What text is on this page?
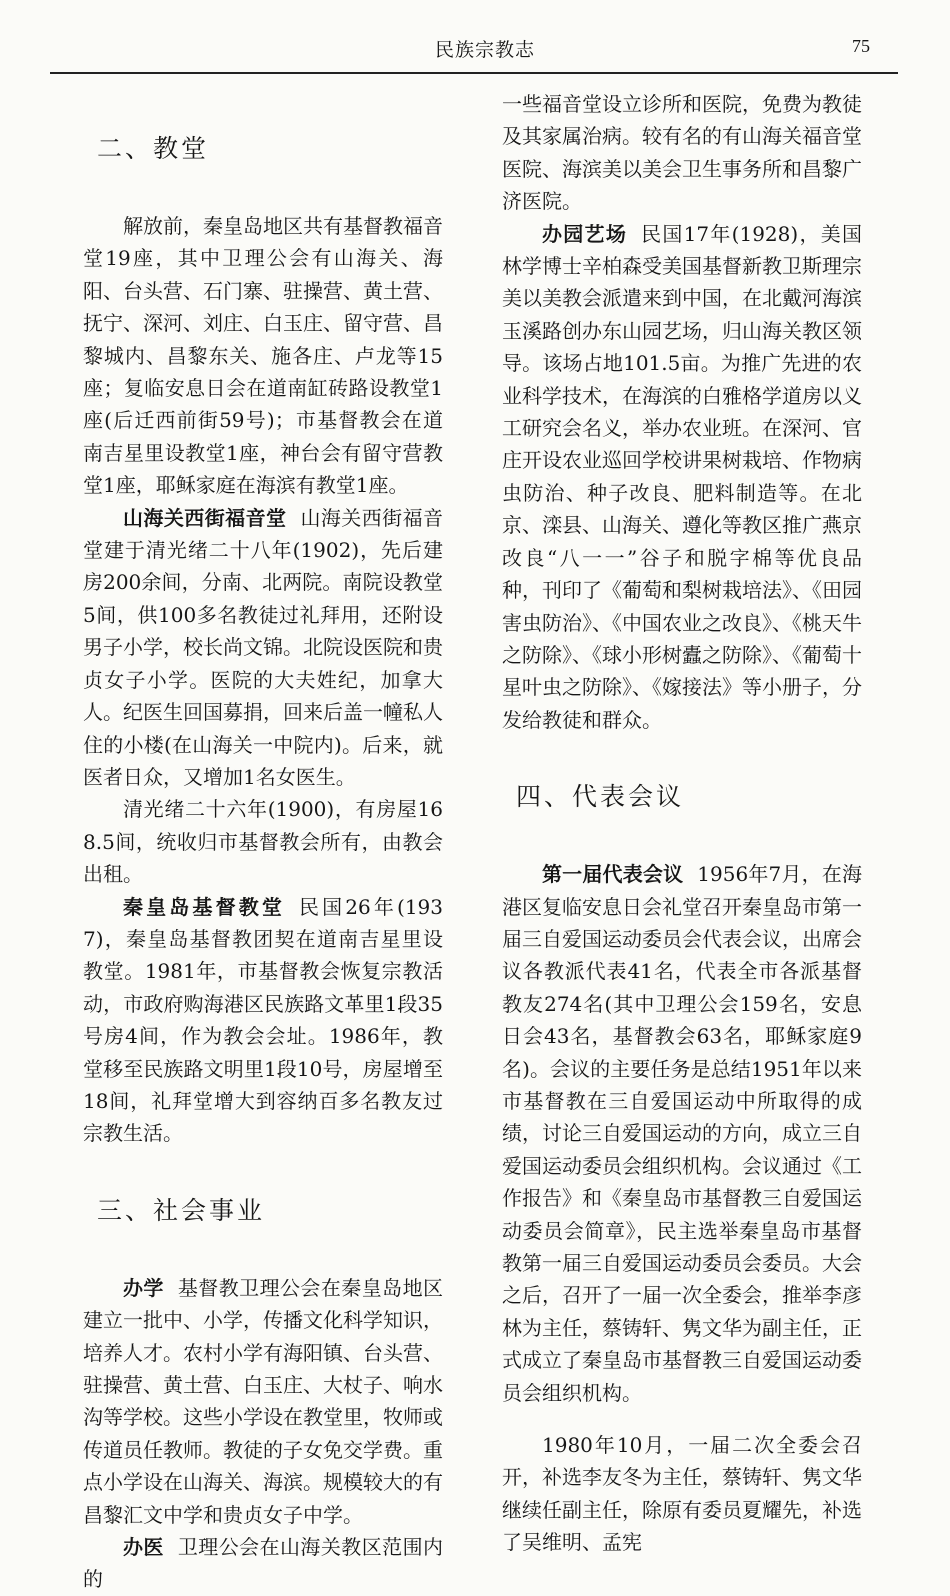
民族宗教志	75
二、教堂

解放前，秦皇岛地区共有基督教福音堂19座，其中卫理公会有山海关、海阳、台头营、石门寨、驻操营、黄土营、抚宁、深河、刘庄、白玉庄、留守营、昌黎城内、昌黎东关、施各庄、卢龙等15座；复临安息日会在道南缸砖路设教堂1座(后迁西前街59号)；市基督教会在道南吉星里设教堂1座，神台会有留守营教堂1座，耶稣家庭在海滨有教堂1座。

山海关西街福音堂 山海关西街福音堂建于清光绪二十八年(1902)，先后建房200余间，分南、北两院。南院设教堂5间，供100多名教徒过礼拜用，还附设男子小学，校长尚文锦。北院设医院和贵贞女子小学。医院的大夫姓纪，加拿大人。纪医生回国募捐，回来后盖一幢私人住的小楼(在山海关一中院内)。后来，就医者日众，又增加1名女医生。

清光绪二十六年(1900)，有房屋168.5间，统收归市基督教会所有，由教会出租。

秦皇岛基督教堂 民国26年(1937)，秦皇岛基督教团契在道南吉星里设教堂。1981年，市基督教会恢复宗教活动，市政府购海港区民族路文革里1段35号房4间，作为教会会址。1986年，教堂移至民族路文明里1段10号，房屋增至18间，礼拜堂增大到容纳百多名教友过宗教生活。

三、社会事业

办学 基督教卫理公会在秦皇岛地区建立一批中、小学，传播文化科学知识，培养人才。农村小学有海阳镇、台头营、驻操营、黄土营、白玉庄、大杖子、响水沟等学校。这些小学设在教堂里，牧师或传道员任教师。教徒的子女免交学费。重点小学设在山海关、海滨。规模较大的有昌黎汇文中学和贵贞女子中学。

办医 卫理公会在山海关教区范围内的

一些福音堂设立诊所和医院，免费为教徒及其家属治病。较有名的有山海关福音堂医院、海滨美以美会卫生事务所和昌黎广济医院。

办园艺场 民国17年(1928)，美国林学博士辛柏森受美国基督新教卫斯理宗美以美教会派遣来到中国，在北戴河海滨玉溪路创办东山园艺场，归山海关教区领导。该场占地101.5亩。为推广先进的农业科学技术，在海滨的白雅格学道房以义工研究会名义，举办农业班。在深河、官庄开设农业巡回学校讲果树栽培、作物病虫防治、种子改良、肥料制造等。在北京、滦县、山海关、遵化等教区推广燕京改良“八一一”谷子和脱字棉等优良品种，刊印了《葡萄和梨树栽培法》、《田园害虫防治》、《中国农业之改良》、《桃天牛之防除》、《球小形树蠹之防除》、《葡萄十星叶虫之防除》、《嫁接法》等小册子，分发给教徒和群众。

四、代表会议

第一届代表会议 1956年7月，在海港区复临安息日会礼堂召开秦皇岛市第一届三自爱国运动委员会代表会议，出席会议各教派代表41名，代表全市各派基督教友274名(其中卫理公会159名，安息日会43名，基督教会63名，耶稣家庭9名)。会议的主要任务是总结1951年以来市基督教在三自爱国运动中所取得的成绩，讨论三自爱国运动的方向，成立三自爱国运动委员会组织机构。会议通过《工作报告》和《秦皇岛市基督教三自爱国运动委员会简章》，民主选举秦皇岛市基督教第一届三自爱国运动委员会委员。大会之后，召开了一届一次全委会，推举李彦林为主任，蔡铸轩、隽文华为副主任，正式成立了秦皇岛市基督教三自爱国运动委员会组织机构。

1980年10月，一届二次全委会召开，补选李友冬为主任，蔡铸轩、隽文华继续任副主任，除原有委员夏耀先，补选了吴维明、孟宪
